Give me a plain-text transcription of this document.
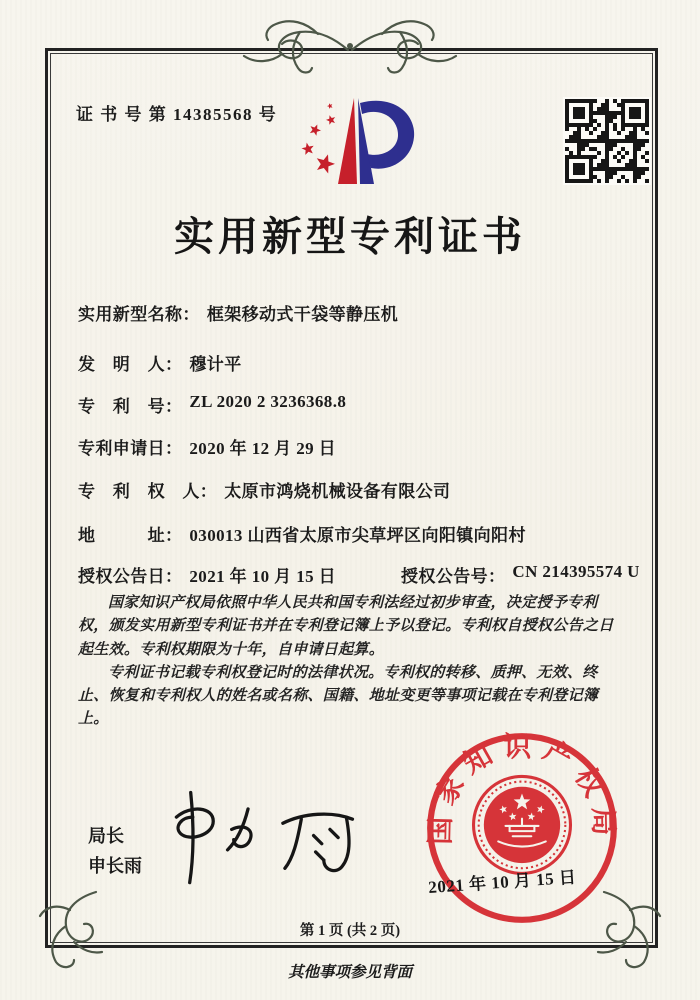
证 书 号 第 14385568 号
实用新型专利证书
实用新型名称： 框架移动式干袋等静压机
发　明　人： 穆计平
专　利　号： ZL 2020 2 3236368.8
专利申请日： 2020 年 12 月 29 日
专　利　权　人： 太原市鸿烧机械设备有限公司
地　　　址： 030013 山西省太原市尖草坪区向阳镇向阳村
授权公告日： 2021 年 10 月 15 日	授权公告号： CN 214395574 U

国家知识产权局依照中华人民共和国专利法经过初步审查，决定授予专利权，颁发实用新型专利证书并在专利登记簿上予以登记。专利权自授权公告之日起生效。专利权期限为十年，自申请日起算。

专利证书记载专利权登记时的法律状况。专利权的转移、质押、无效、终止、恢复和专利权人的姓名或名称、国籍、地址变更等事项记载在专利登记簿上。

局长
申长雨
国家知识产权局
2021 年 10 月 15 日
第 1 页 (共 2 页)
其他事项参见背面
